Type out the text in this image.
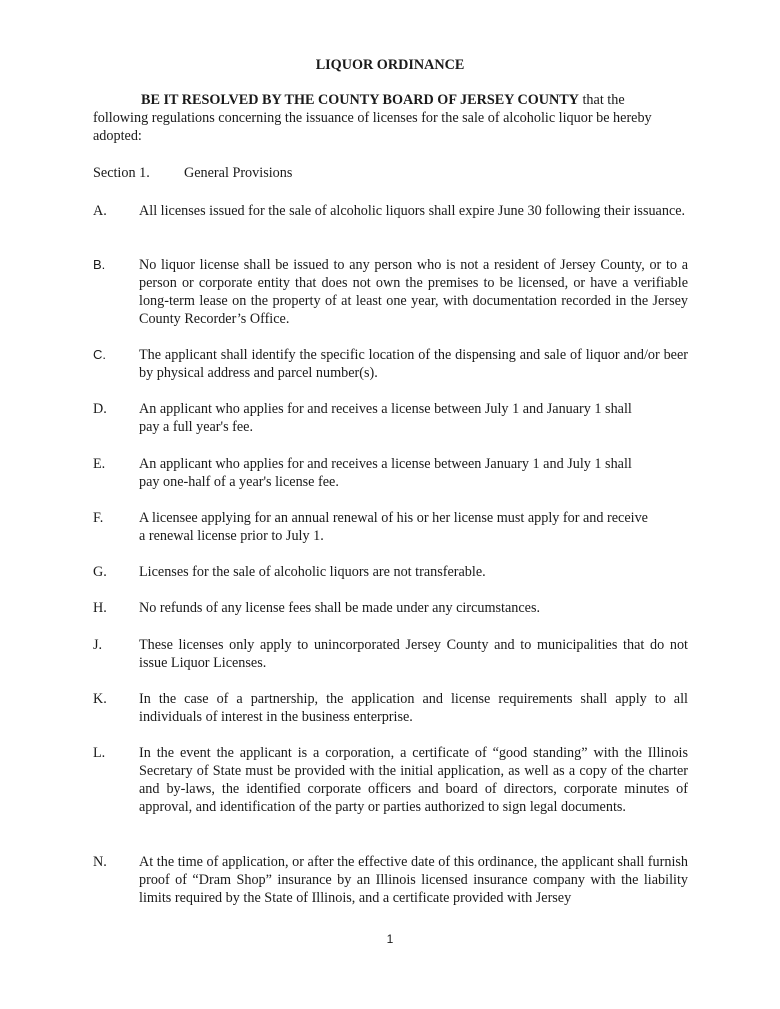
LIQUOR ORDINANCE
BE IT RESOLVED BY THE COUNTY BOARD OF JERSEY COUNTY that the following regulations concerning the issuance of licenses for the sale of alcoholic liquor be hereby adopted:
Section 1. General Provisions
A.	All licenses issued for the sale of alcoholic liquors shall expire June 30 following their issuance.
B.	No liquor license shall be issued to any person who is not a resident of Jersey County, or to a person or corporate entity that does not own the premises to be licensed, or have a verifiable long-term lease on the property of at least one year, with documentation recorded in the Jersey County Recorder’s Office.
C.	The applicant shall identify the specific location of the dispensing and sale of liquor and/or beer by physical address and parcel number(s).
D.	An applicant who applies for and receives a license between July 1 and January 1 shall pay a full year's fee.
E.	An applicant who applies for and receives a license between January 1 and July 1 shall pay one-half of a year's license fee.
F.	A licensee applying for an annual renewal of his or her license must apply for and receive a renewal license prior to July 1.
G.	Licenses for the sale of alcoholic liquors are not transferable.
H.	No refunds of any license fees shall be made under any circumstances.
J.	These licenses only apply to unincorporated Jersey County and to municipalities that do not issue Liquor Licenses.
K.	In the case of a partnership, the application and license requirements shall apply to all individuals of interest in the business enterprise.
L.	In the event the applicant is a corporation, a certificate of “good standing” with the Illinois Secretary of State must be provided with the initial application, as well as a copy of the charter and by-laws, the identified corporate officers and board of directors, corporate minutes of approval, and identification of the party or parties authorized to sign legal documents.
N.	At the time of application, or after the effective date of this ordinance, the applicant shall furnish proof of “Dram Shop” insurance by an Illinois licensed insurance company with the liability limits required by the State of Illinois, and a certificate provided with Jersey
1
